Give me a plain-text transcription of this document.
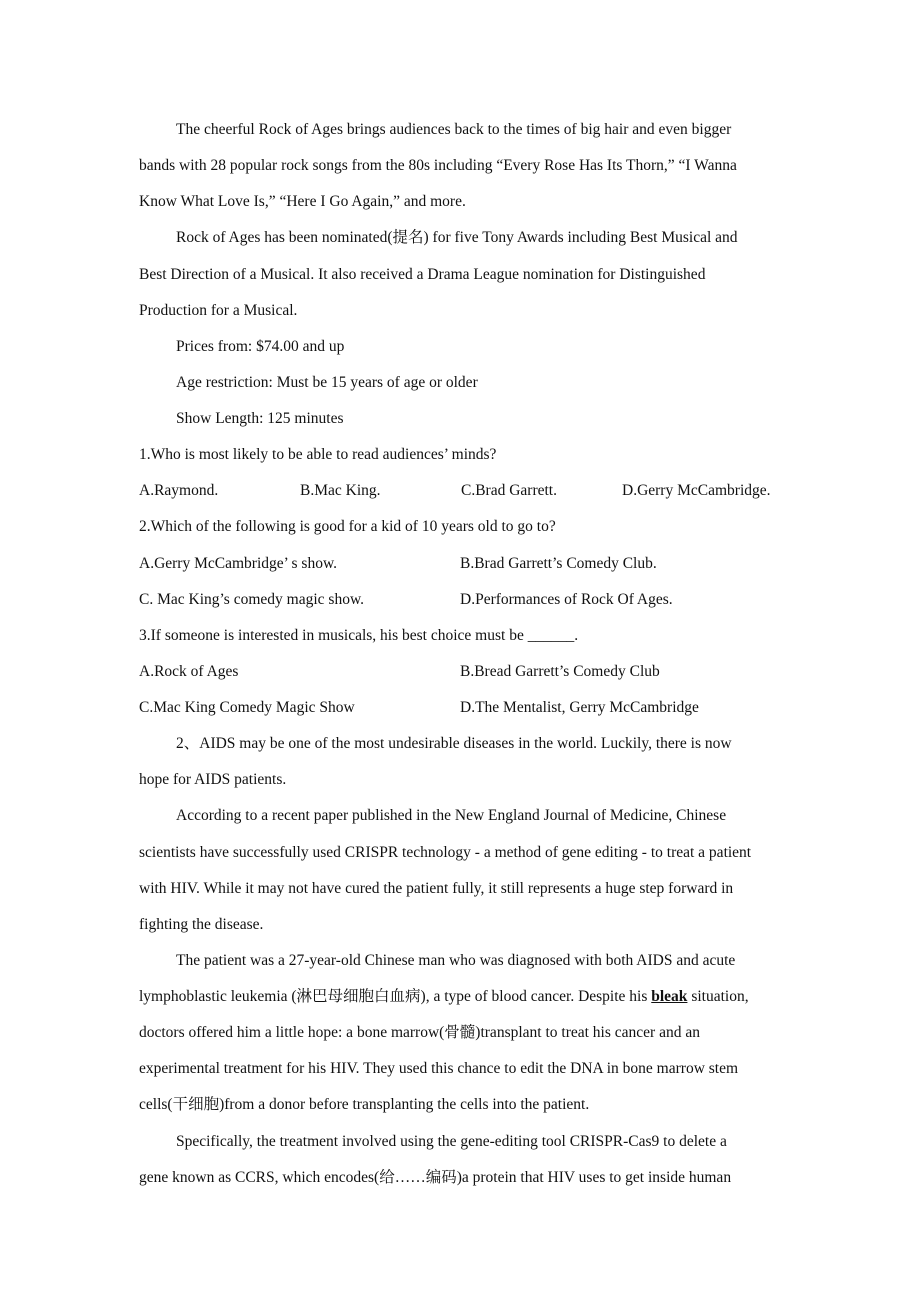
The cheerful Rock of Ages brings audiences back to the times of big hair and even bigger
bands with 28 popular rock songs from the 80s including “Every Rose Has Its Thorn,” “I Wanna
Know What Love Is,” “Here I Go Again,” and more.
Rock of Ages has been nominated(提名) for five Tony Awards including Best Musical and
Best Direction of a Musical. It also received a Drama League nomination for Distinguished
Production for a Musical.
Prices from: $74.00 and up
Age restriction: Must be 15 years of age or older
Show Length: 125 minutes
1.Who is most likely to be able to read audiences’ minds?
A.Raymond.	B.Mac King.	C.Brad Garrett.	D.Gerry McCambridge.
2.Which of the following is good for a kid of 10 years old to go to?
A.Gerry McCambridge’ s show.	B.Brad Garrett’s Comedy Club.
C. Mac King’s comedy magic show.	D.Performances of Rock Of Ages.
3.If someone is interested in musicals, his best choice must be ______.
A.Rock of Ages	B.Bread Garrett’s Comedy Club
C.Mac King Comedy Magic Show	D.The Mentalist, Gerry McCambridge
2、AIDS may be one of the most undesirable diseases in the world. Luckily, there is now
hope for AIDS patients.
According to a recent paper published in the New England Journal of Medicine, Chinese
scientists have successfully used CRISPR technology - a method of gene editing - to treat a patient
with HIV. While it may not have cured the patient fully, it still represents a huge step forward in
fighting the disease.
The patient was a 27-year-old Chinese man who was diagnosed with both AIDS and acute
lymphoblastic leukemia (淋巴母细胞白血病), a type of blood cancer. Despite his bleak situation,
doctors offered him a little hope: a bone marrow(骨髓)transplant to treat his cancer and an
experimental treatment for his HIV. They used this chance to edit the DNA in bone marrow stem
cells(干细胞)from a donor before transplanting the cells into the patient.
Specifically, the treatment involved using the gene-editing tool CRISPR-Cas9 to delete a
gene known as CCRS, which encodes(给……编码)a protein that HIV uses to get inside human
